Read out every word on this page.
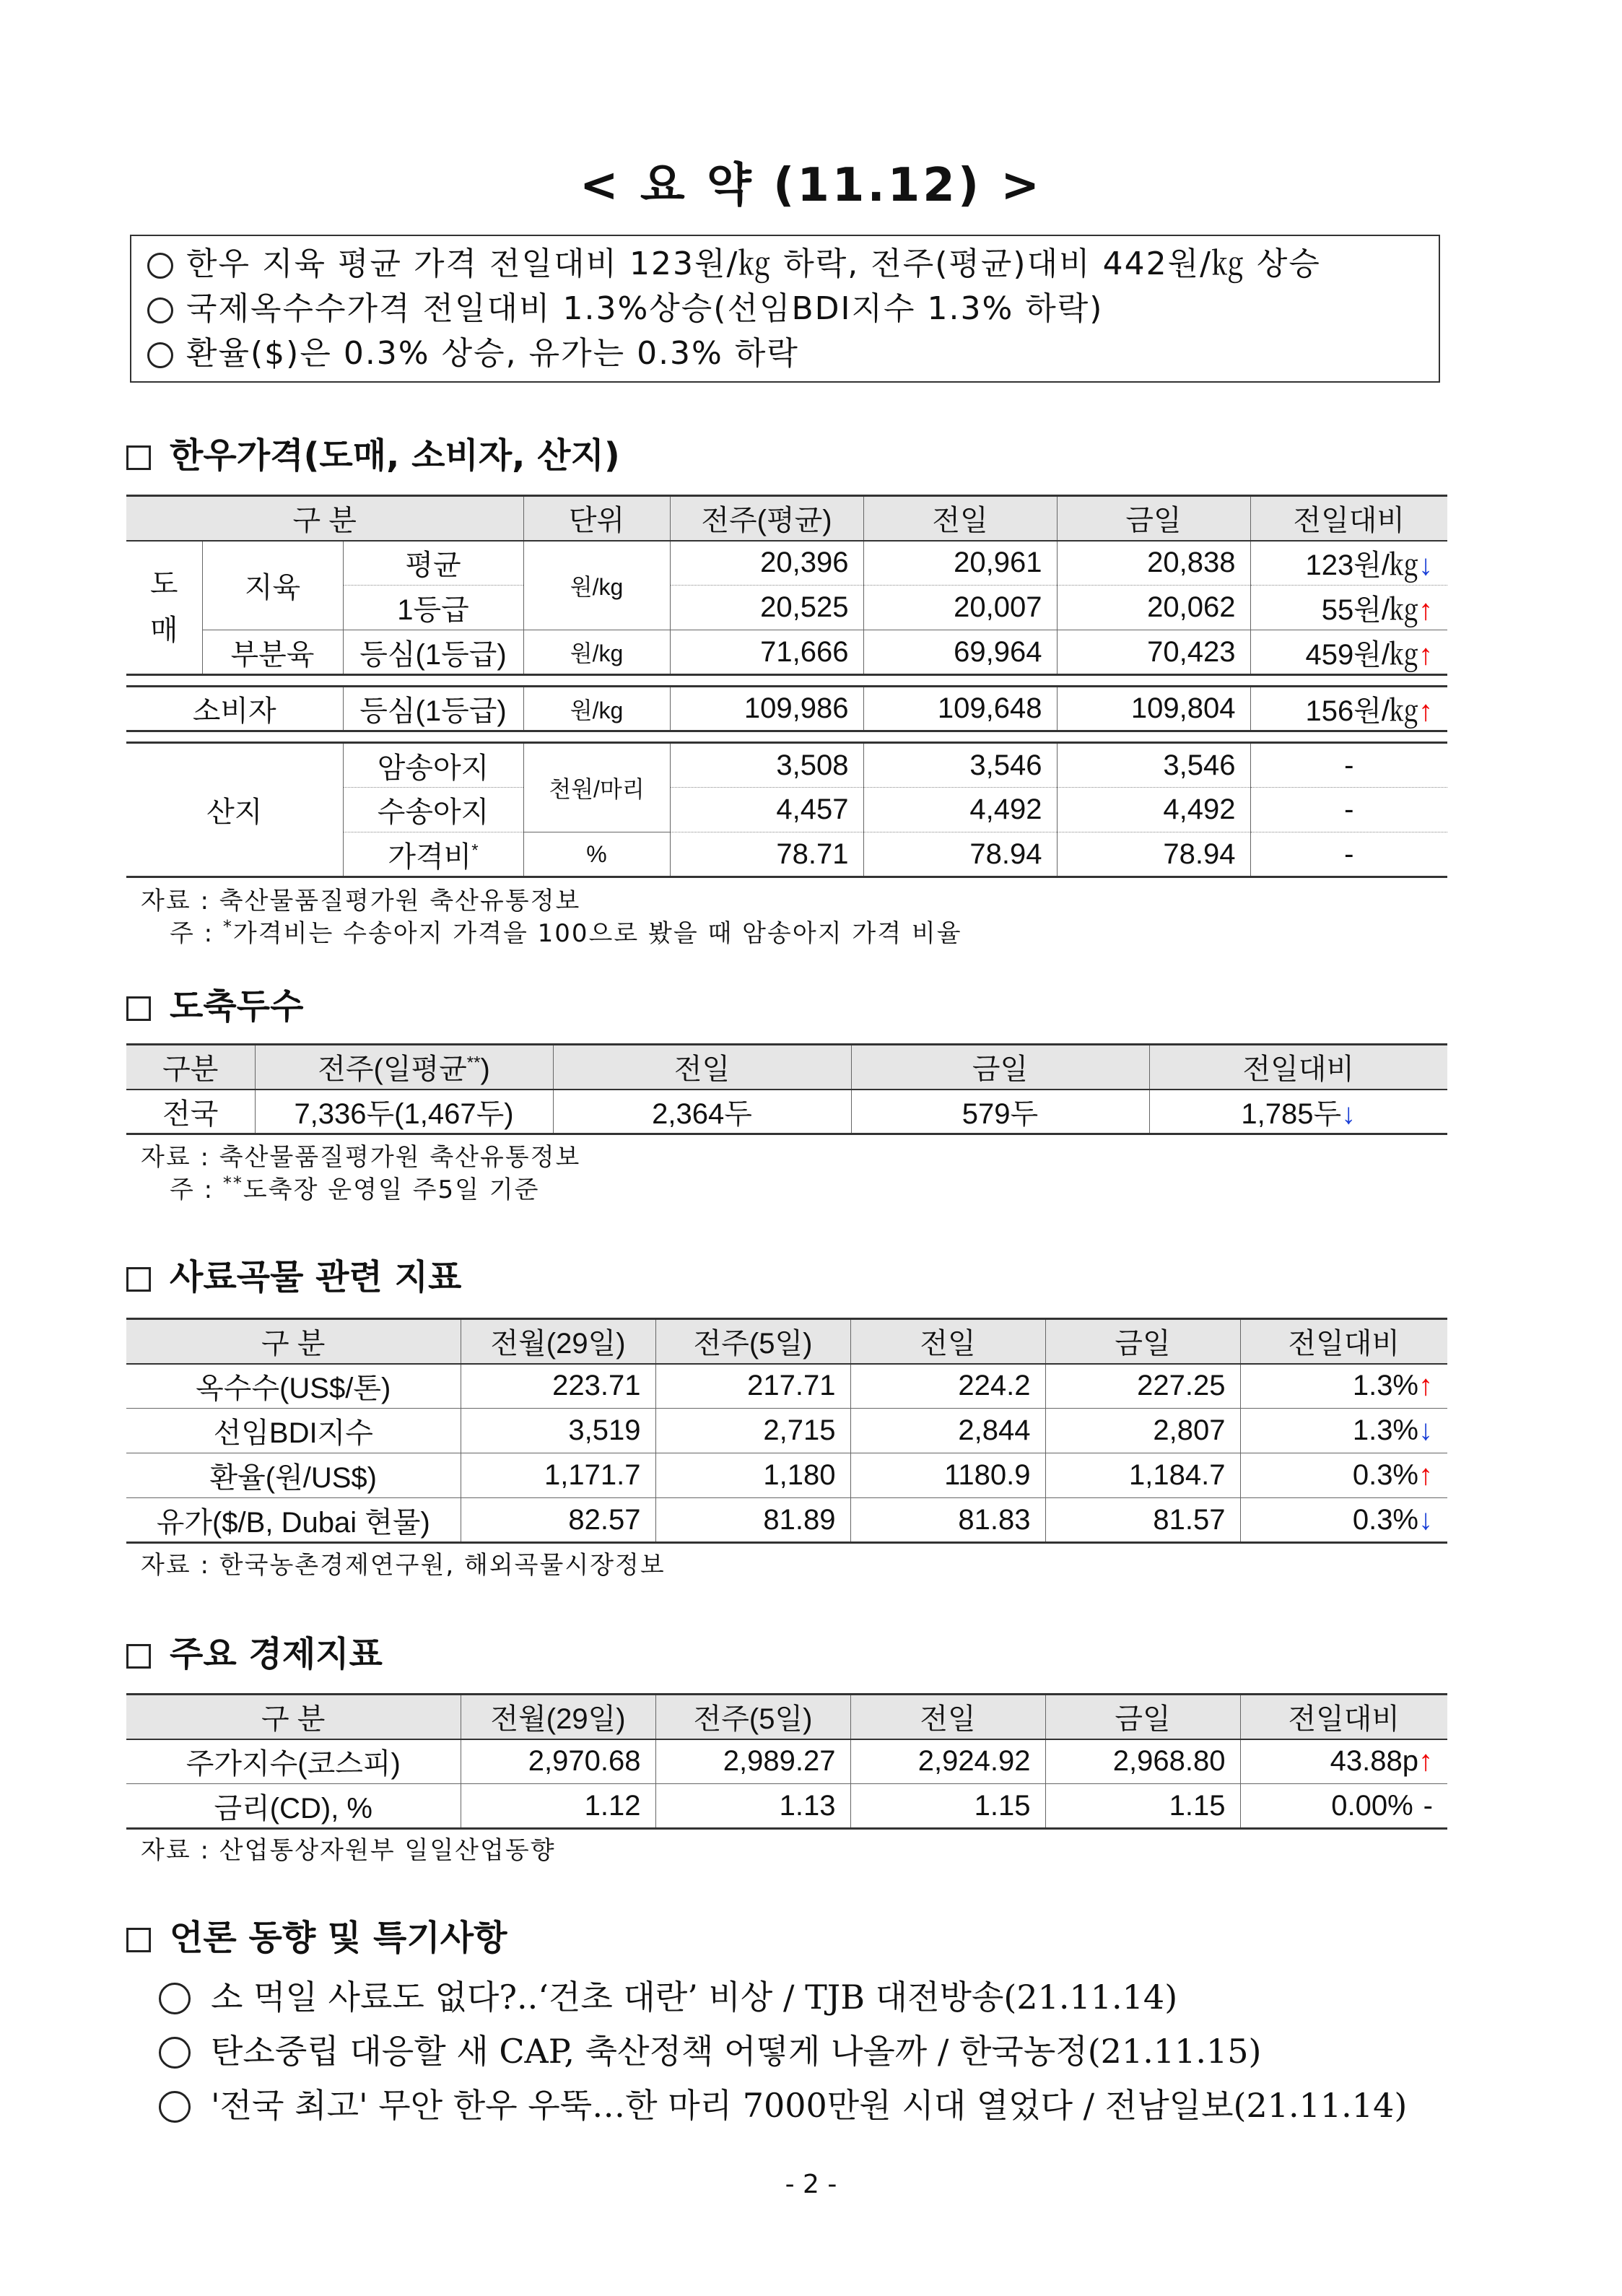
< 요 약 (11.12) >
한우 지육 평균 가격 전일대비 123원/㎏ 하락, 전주(평균)대비 442원/㎏ 상승
국제옥수수가격 전일대비 1.3%상승(선임BDI지수 1.3% 하락)
환율($)은 0.3% 상승, 유가는 0.3% 하락
한우가격(도매, 소비자, 산지)
구 분			단위	전주(평균)	전일	금일	전일대비
도
매	지육	평균	원/kg	20,396	20,961	20,838	123원/㎏↓
		1등급		20,525	20,007	20,062	55원/㎏↑
	부분육	등심(1등급)	원/kg	71,666	69,964	70,423	459원/㎏↑

소비자		등심(1등급)	원/kg	109,986	109,648	109,804	156원/㎏↑

산지		암송아지	천원/마리	3,508	3,546	3,546	-
		수송아지		4,457	4,492	4,492	-
		가격비*	%	78.71	78.94	78.94	-
자료 : 축산물품질평가원 축산유통정보
주 : *가격비는 수송아지 가격을 100으로 봤을 때 암송아지 가격 비율
도축두수
구분	전주(일평균**)	전일	금일	전일대비
전국	7,336두(1,467두)	2,364두	579두	1,785두↓
자료 : 축산물품질평가원 축산유통정보
주 : **도축장 운영일 주5일 기준
사료곡물 관련 지표
구 분	전월(29일)	전주(5일)	전일	금일	전일대비
옥수수(US$/톤)	223.71	217.71	224.2	227.25	1.3%↑
선임BDI지수	3,519	2,715	2,844	2,807	1.3%↓
환율(원/US$)	1,171.7	1,180	1180.9	1,184.7	0.3%↑
유가($/B, Dubai 현물)	82.57	81.89	81.83	81.57	0.3%↓
자료 : 한국농촌경제연구원, 해외곡물시장정보
주요 경제지표
구 분	전월(29일)	전주(5일)	전일	금일	전일대비
주가지수(코스피)	2,970.68	2,989.27	2,924.92	2,968.80	43.88p↑
금리(CD), %	1.12	1.13	1.15	1.15	0.00% -
자료 : 산업통상자원부 일일산업동향
언론 동향 및 특기사항
소 먹일 사료도 없다?..‘건초 대란’ 비상 / TJB 대전방송(21.11.14)
탄소중립 대응할 새 CAP, 축산정책 어떻게 나올까 / 한국농정(21.11.15)
'전국 최고' 무안 한우 우뚝…한 마리 7000만원 시대 열었다 / 전남일보(21.11.14)
- 2 -
